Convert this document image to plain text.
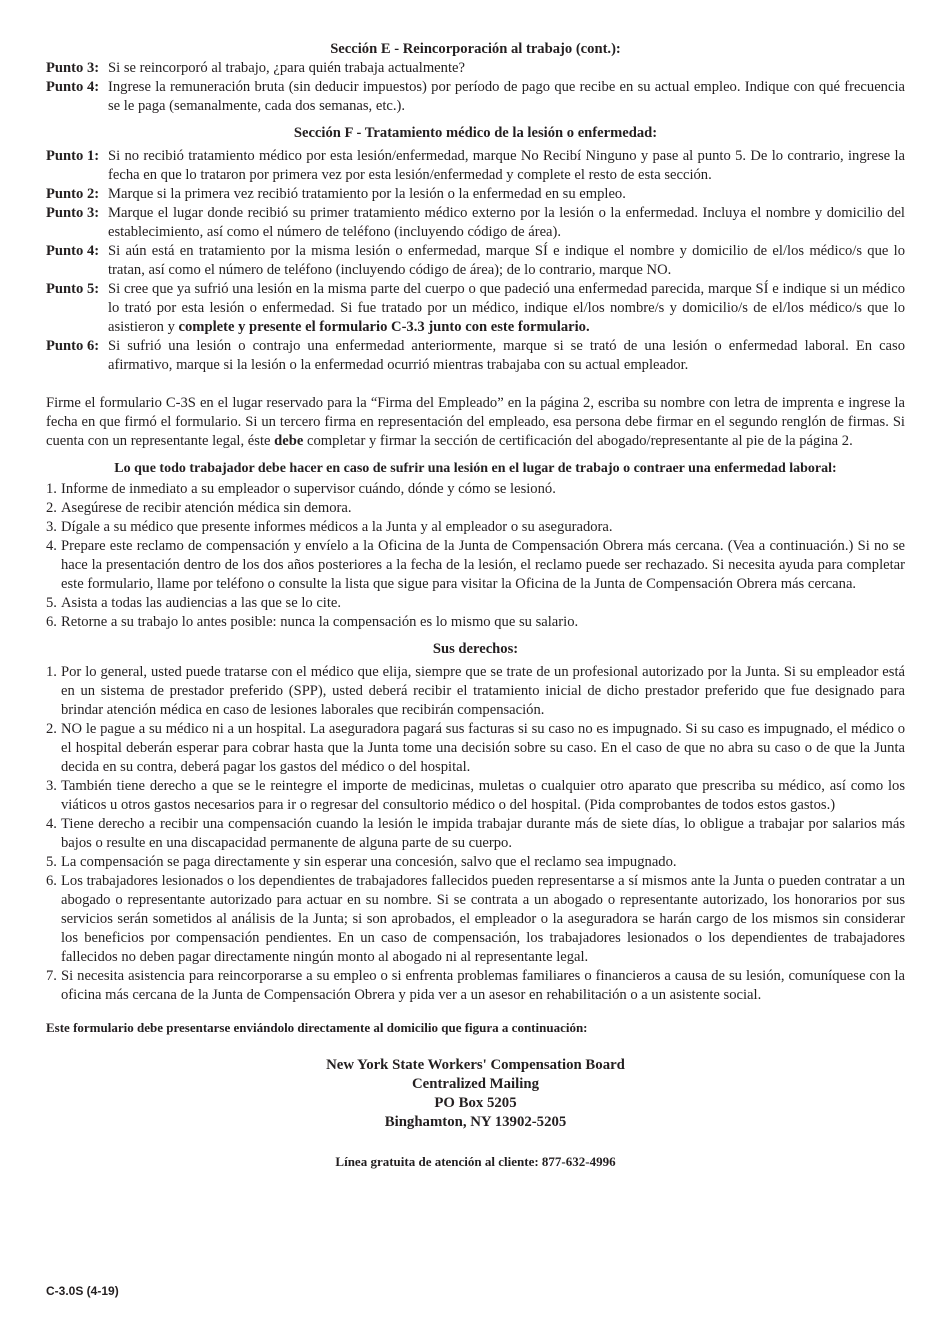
Sección E - Reincorporación al trabajo (cont.):
Punto 3: Si se reincorporó al trabajo, ¿para quién trabaja actualmente?
Punto 4: Ingrese la remuneración bruta (sin deducir impuestos) por período de pago que recibe en su actual empleo. Indique con qué frecuencia se le paga (semanalmente, cada dos semanas, etc.).
Sección F - Tratamiento médico de la lesión o enfermedad:
Punto 1: Si no recibió tratamiento médico por esta lesión/enfermedad, marque No Recibí Ninguno y pase al punto 5. De lo contrario, ingrese la fecha en que lo trataron por primera vez por esta lesión/enfermedad y complete el resto de esta sección.
Punto 2: Marque si la primera vez recibió tratamiento por la lesión o la enfermedad en su empleo.
Punto 3: Marque el lugar donde recibió su primer tratamiento médico externo por la lesión o la enfermedad. Incluya el nombre y domicilio del establecimiento, así como el número de teléfono (incluyendo código de área).
Punto 4: Si aún está en tratamiento por la misma lesión o enfermedad, marque SÍ e indique el nombre y domicilio de el/los médico/s que lo tratan, así como el número de teléfono (incluyendo código de área); de lo contrario, marque NO.
Punto 5: Si cree que ya sufrió una lesión en la misma parte del cuerpo o que padeció una enfermedad parecida, marque SÍ e indique si un médico lo trató por esta lesión o enfermedad. Si fue tratado por un médico, indique el/los nombre/s y domicilio/s de el/los médico/s que lo asistieron y complete y presente el formulario C-3.3 junto con este formulario.
Punto 6: Si sufrió una lesión o contrajo una enfermedad anteriormente, marque si se trató de una lesión o enfermedad laboral. En caso afirmativo, marque si la lesión o la enfermedad ocurrió mientras trabajaba con su actual empleador.

Firme el formulario C-3S en el lugar reservado para la “Firma del Empleado” en la página 2, escriba su nombre con letra de imprenta e ingrese la fecha en que firmó el formulario. Si un tercero firma en representación del empleado, esa persona debe firmar en el segundo renglón de firmas. Si cuenta con un representante legal, éste debe completar y firmar la sección de certificación del abogado/representante al pie de la página 2.

Lo que todo trabajador debe hacer en caso de sufrir una lesión en el lugar de trabajo o contraer una enfermedad laboral:
1. Informe de inmediato a su empleador o supervisor cuándo, dónde y cómo se lesionó.
2. Asegúrese de recibir atención médica sin demora.
3. Dígale a su médico que presente informes médicos a la Junta y al empleador o su aseguradora.
4. Prepare este reclamo de compensación y envíelo a la Oficina de la Junta de Compensación Obrera más cercana. (Vea a continuación.) Si no se hace la presentación dentro de los dos años posteriores a la fecha de la lesión, el reclamo puede ser rechazado. Si necesita ayuda para completar este formulario, llame por teléfono o consulte la lista que sigue para visitar la Oficina de la Junta de Compensación Obrera más cercana.
5. Asista a todas las audiencias a las que se lo cite.
6. Retorne a su trabajo lo antes posible: nunca la compensación es lo mismo que su salario.
Sus derechos:
1. Por lo general, usted puede tratarse con el médico que elija, siempre que se trate de un profesional autorizado por la Junta. Si su empleador está en un sistema de prestador preferido (SPP), usted deberá recibir el tratamiento inicial de dicho prestador preferido que fue designado para brindar atención médica en caso de lesiones laborales que recibirán compensación.
2. NO le pague a su médico ni a un hospital. La aseguradora pagará sus facturas si su caso no es impugnado. Si su caso es impugnado, el médico o el hospital deberán esperar para cobrar hasta que la Junta tome una decisión sobre su caso. En el caso de que no abra su caso o de que la Junta decida en su contra, deberá pagar los gastos del médico o del hospital.
3. También tiene derecho a que se le reintegre el importe de medicinas, muletas o cualquier otro aparato que prescriba su médico, así como los viáticos u otros gastos necesarios para ir o regresar del consultorio médico o del hospital. (Pida comprobantes de todos estos gastos.)
4. Tiene derecho a recibir una compensación cuando la lesión le impida trabajar durante más de siete días, lo obligue a trabajar por salarios más bajos o resulte en una discapacidad permanente de alguna parte de su cuerpo.
5. La compensación se paga directamente y sin esperar una concesión, salvo que el reclamo sea impugnado.
6. Los trabajadores lesionados o los dependientes de trabajadores fallecidos pueden representarse a sí mismos ante la Junta o pueden contratar a un abogado o representante autorizado para actuar en su nombre. Si se contrata a un abogado o representante autorizado, los honorarios por sus servicios serán sometidos al análisis de la Junta; si son aprobados, el empleador o la aseguradora se harán cargo de los mismos sin considerar los beneficios por compensación pendientes. En un caso de compensación, los trabajadores lesionados o los dependientes de trabajadores fallecidos no deben pagar directamente ningún monto al abogado ni al representante legal.
7. Si necesita asistencia para reincorporarse a su empleo o si enfrenta problemas familiares o financieros a causa de su lesión, comuníquese con la oficina más cercana de la Junta de Compensación Obrera y pida ver a un asesor en rehabilitación o a un asistente social.
Este formulario debe presentarse enviándolo directamente al domicilio que figura a continuación:
New York State Workers' Compensation Board
Centralized Mailing
PO Box 5205
Binghamton, NY 13902-5205
Línea gratuita de atención al cliente: 877-632-4996
C-3.0S (4-19)
